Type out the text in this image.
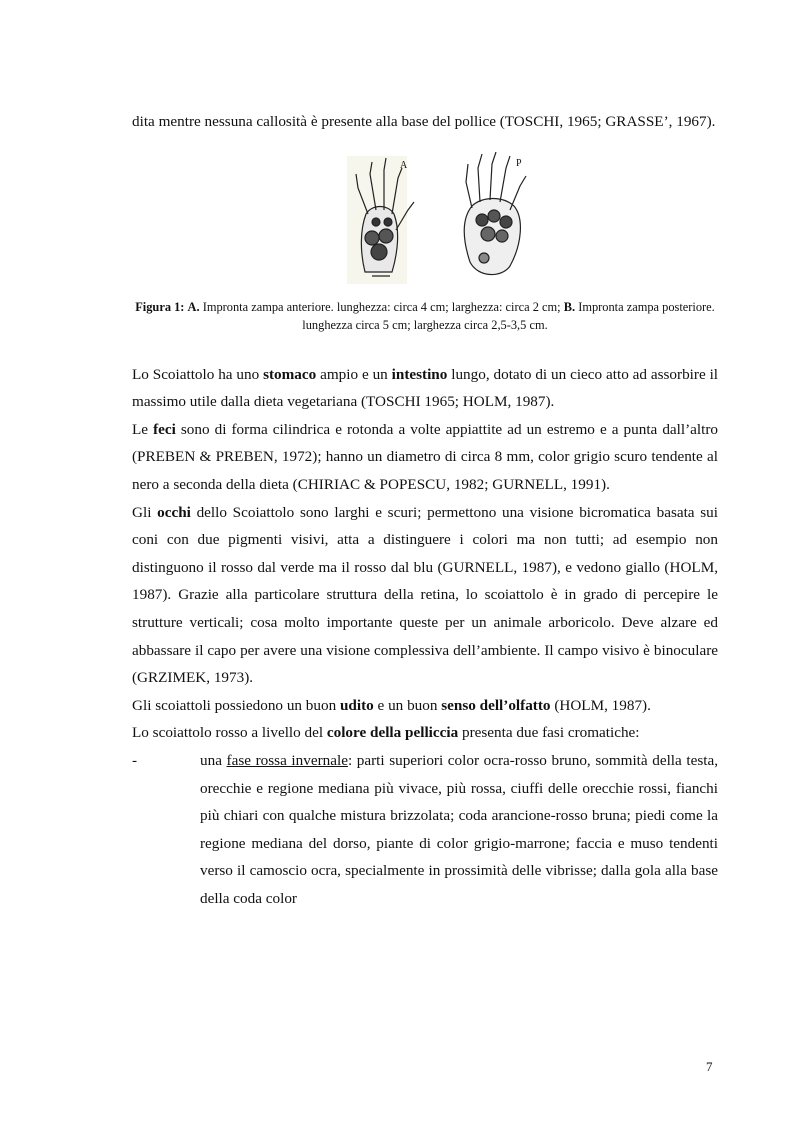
dita mentre nessuna callosità è presente alla base del pollice (TOSCHI, 1965; GRASSE’, 1967).

A	P
Figura 1: A. Impronta zampa anteriore. lunghezza: circa 4 cm; larghezza: circa 2 cm; B. Impronta zampa posteriore. lunghezza circa 5 cm; larghezza circa 2,5-3,5 cm.

Lo Scoiattolo ha uno stomaco ampio e un intestino lungo, dotato di un cieco atto ad assorbire il massimo utile dalla dieta vegetariana (TOSCHI 1965; HOLM, 1987).

Le feci sono di forma cilindrica e rotonda a volte appiattite ad un estremo e a punta dall’altro (PREBEN & PREBEN, 1972); hanno un diametro di circa 8 mm, color grigio scuro tendente al nero a seconda della dieta (CHIRIAC & POPESCU, 1982; GURNELL, 1991).

Gli occhi dello Scoiattolo sono larghi e scuri; permettono una visione bicromatica basata sui coni con due pigmenti visivi, atta a distinguere i colori ma non tutti; ad esempio non distinguono il rosso dal verde ma il rosso dal blu (GURNELL, 1987), e vedono giallo (HOLM, 1987). Grazie alla particolare struttura della retina, lo scoiattolo è in grado di percepire le strutture verticali; cosa molto importante queste per un animale arboricolo. Deve alzare ed abbassare il capo per avere una visione complessiva dell’ambiente. Il campo visivo è binoculare (GRZIMEK, 1973).

Gli scoiattoli possiedono un buon udito e un buon senso dell’olfatto (HOLM, 1987).

Lo scoiattolo rosso a livello del colore della pelliccia presenta due fasi cromatiche:

-	una fase rossa invernale: parti superiori color ocra-rosso bruno, sommità della testa, orecchie e regione mediana più vivace, più rossa, ciuffi delle orecchie rossi, fianchi più chiari con qualche mistura brizzolata; coda arancione-rosso bruna; piedi come la regione mediana del dorso, piante di color grigio-marrone; faccia e muso tendenti verso il camoscio ocra, specialmente in prossimità delle vibrisse; dalla gola alla base della coda color

7
